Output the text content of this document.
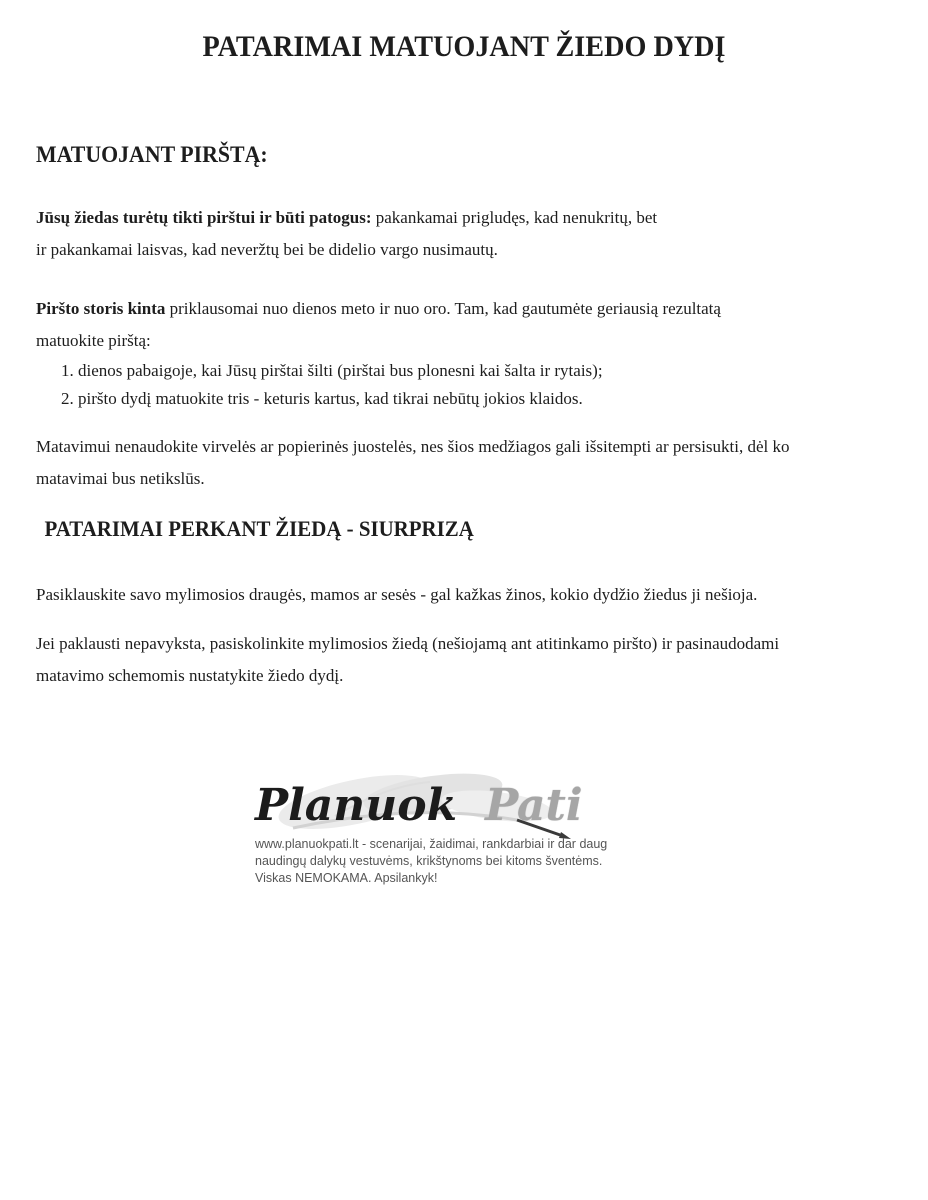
PATARIMAI MATUOJANT ŽIEDO DYDĮ
MATUOJANT PIRŠTĄ:

Jūsų žiedas turėtų tikti pirštui ir būti patogus: pakankamai prigludęs, kad nenukritų, bet
ir pakankamai laisvas, kad neveržtų bei be didelio vargo nusimautų.

Piršto storis kinta priklausomai nuo dienos meto ir nuo oro. Tam, kad gautumėte geriausią rezultatą
matuokite pirštą:

1. dienos pabaigoje, kai Jūsų pirštai šilti (pirštai bus plonesni kai šalta ir rytais);
2. piršto dydį matuokite tris - keturis kartus, kad tikrai nebūtų jokios klaidos.

Matavimui nenaudokite virvelės ar popierinės juostelės, nes šios medžiagos gali išsitempti ar persisukti, dėl ko
matavimai bus netikslūs.

PATARIMAI PERKANT ŽIEDĄ - SIURPRIZĄ

Pasiklauskite savo mylimosios draugės, mamos ar sesės - gal kažkas žinos, kokio dydžio žiedus ji nešioja.

Jei paklausti nepavyksta, pasiskolinkite mylimosios žiedą (nešiojamą ant atitinkamo piršto) ir pasinaudodami
matavimo schemomis nustatykite žiedo dydį.

Planuok Pati
www.planuokpati.lt - scenarijai, žaidimai, rankdarbiai ir dar daug
naudingų dalykų vestuvėms, krikštynoms bei kitoms šventėms.
Viskas NEMOKAMA. Apsilankyk!
